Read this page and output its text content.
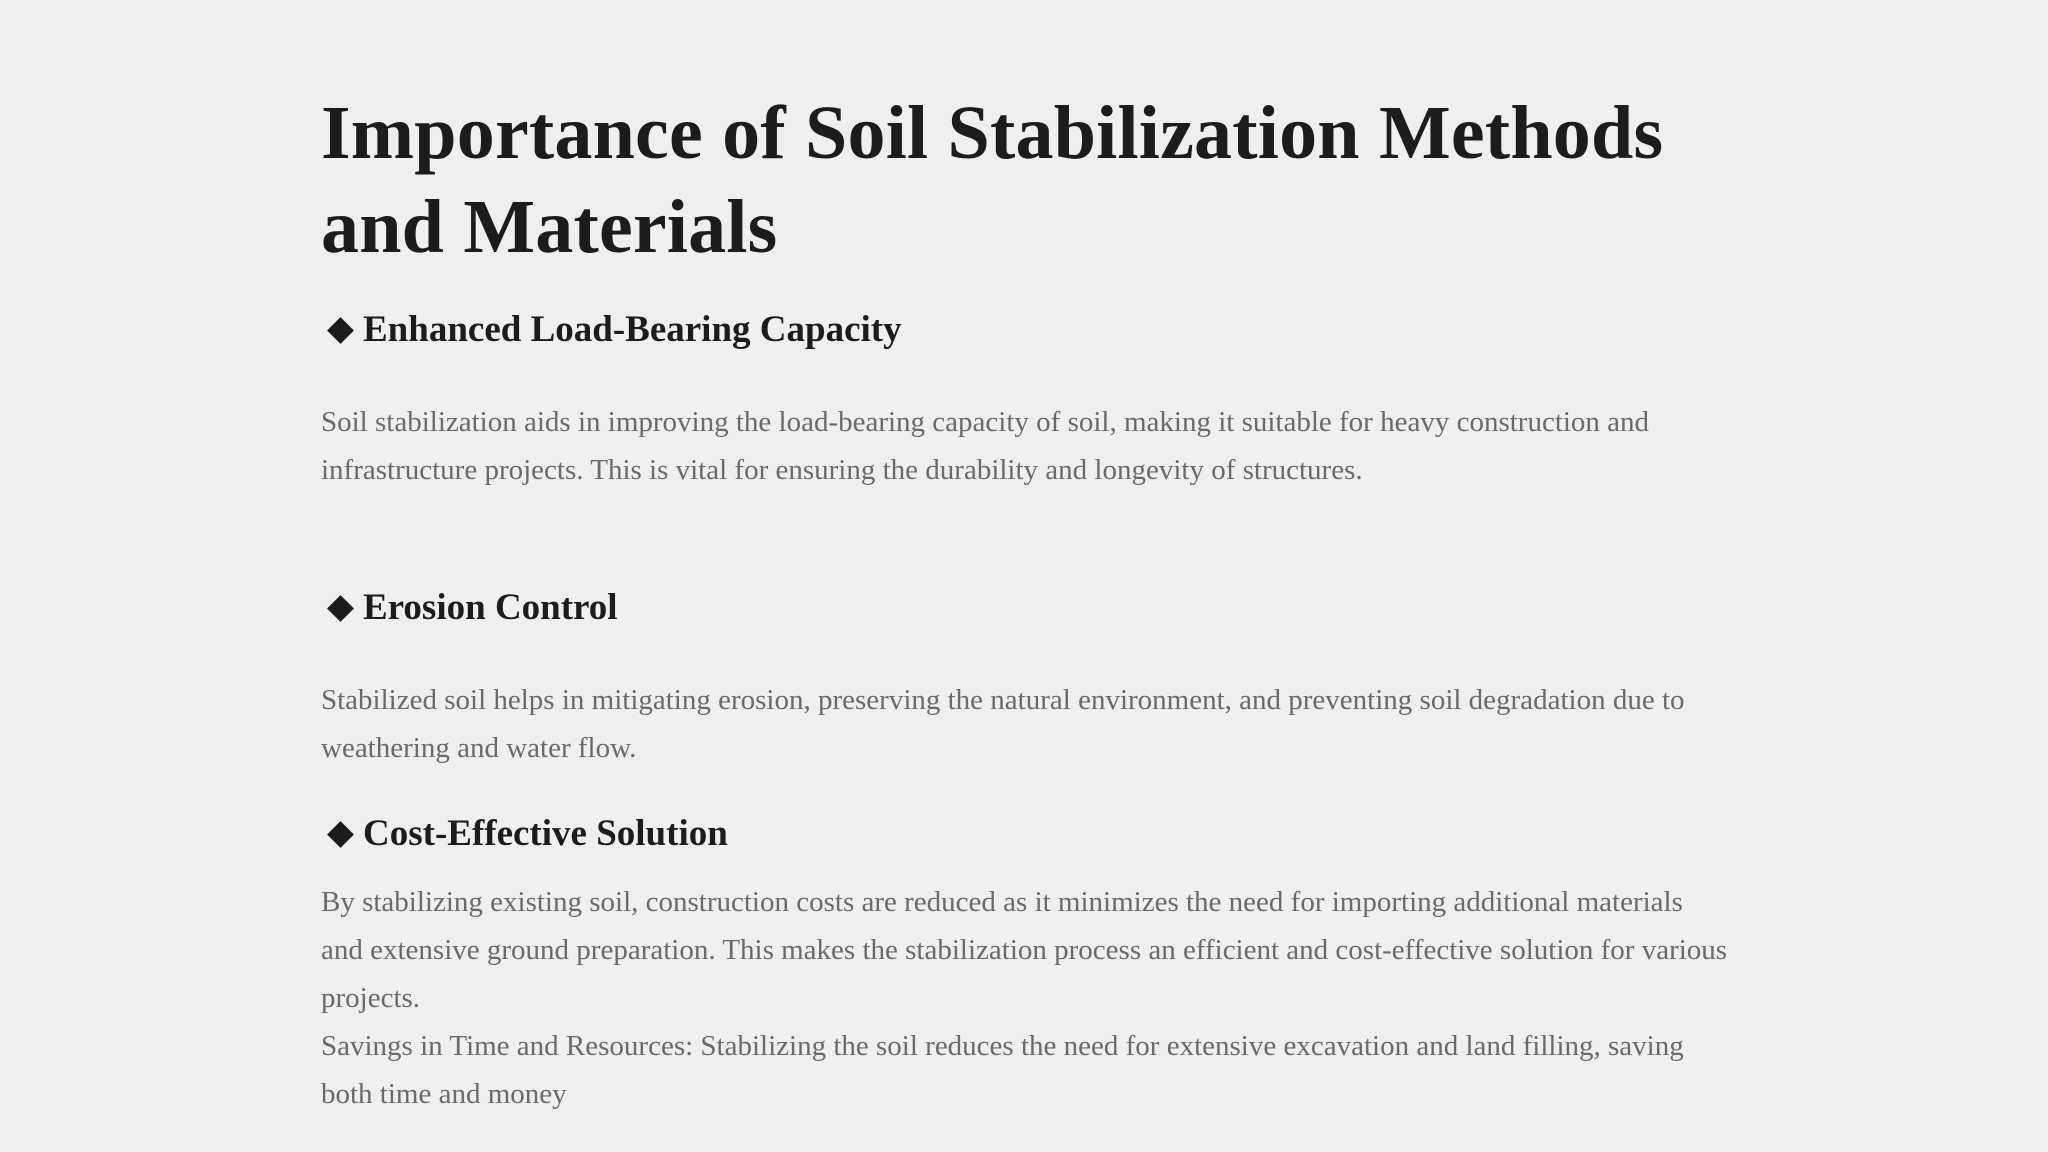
Importance of Soil Stabilization Methods and Materials
Enhanced Load-Bearing Capacity

Soil stabilization aids in improving the load-bearing capacity of soil, making it suitable for heavy construction and infrastructure projects. This is vital for ensuring the durability and longevity of structures.

Erosion Control

Stabilized soil helps in mitigating erosion, preserving the natural environment, and preventing soil degradation due to weathering and water flow.

Cost-Effective Solution

By stabilizing existing soil, construction costs are reduced as it minimizes the need for importing additional materials and extensive ground preparation. This makes the stabilization process an efficient and cost-effective solution for various projects.

Savings in Time and Resources: Stabilizing the soil reduces the need for extensive excavation and land filling, saving both time and money
